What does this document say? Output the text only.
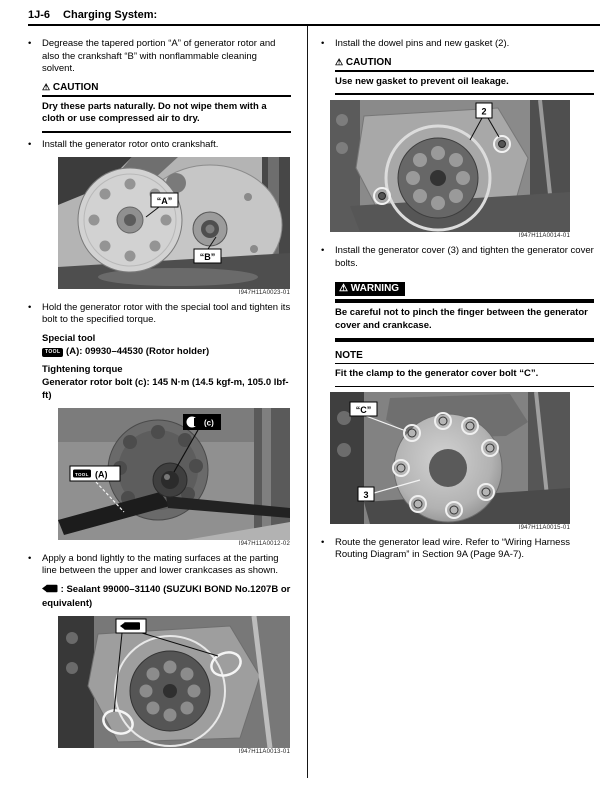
1J-6 Charging System:
• Degrease the tapered portion “A” of generator rotor and also the crankshaft “B” with nonflammable cleaning solvent.
⚠ CAUTION
Dry these parts naturally. Do not wipe them with a cloth or use compressed air to dry.
• Install the generator rotor onto crankshaft.
“A”
“B”
I947H11A0023-01
• Hold the generator rotor with the special tool and tighten its bolt to the specified torque.
Special tool
TOOL (A): 09930–44530 (Rotor holder)
Tightening torque
Generator rotor bolt (c): 145 N·m (14.5 kgf-m, 105.0 lbf-ft)
(c)
TOOL (A)
I947H11A0012-02
• Apply a bond lightly to the mating surfaces at the parting line between the upper and lower crankcases as shown.
: Sealant 99000–31140 (SUZUKI BOND No.1207B or equivalent)
I947H11A0013-01
• Install the dowel pins and new gasket (2).
⚠ CAUTION
Use new gasket to prevent oil leakage.
2
I947H11A0014-01
• Install the generator cover (3) and tighten the generator cover bolts.
⚠ WARNING
Be careful not to pinch the finger between the generator cover and crankcase.
NOTE
Fit the clamp to the generator cover bolt “C”.
“C”
3
I947H11A0015-01
• Route the generator lead wire. Refer to “Wiring Harness Routing Diagram” in Section 9A (Page 9A-7).
